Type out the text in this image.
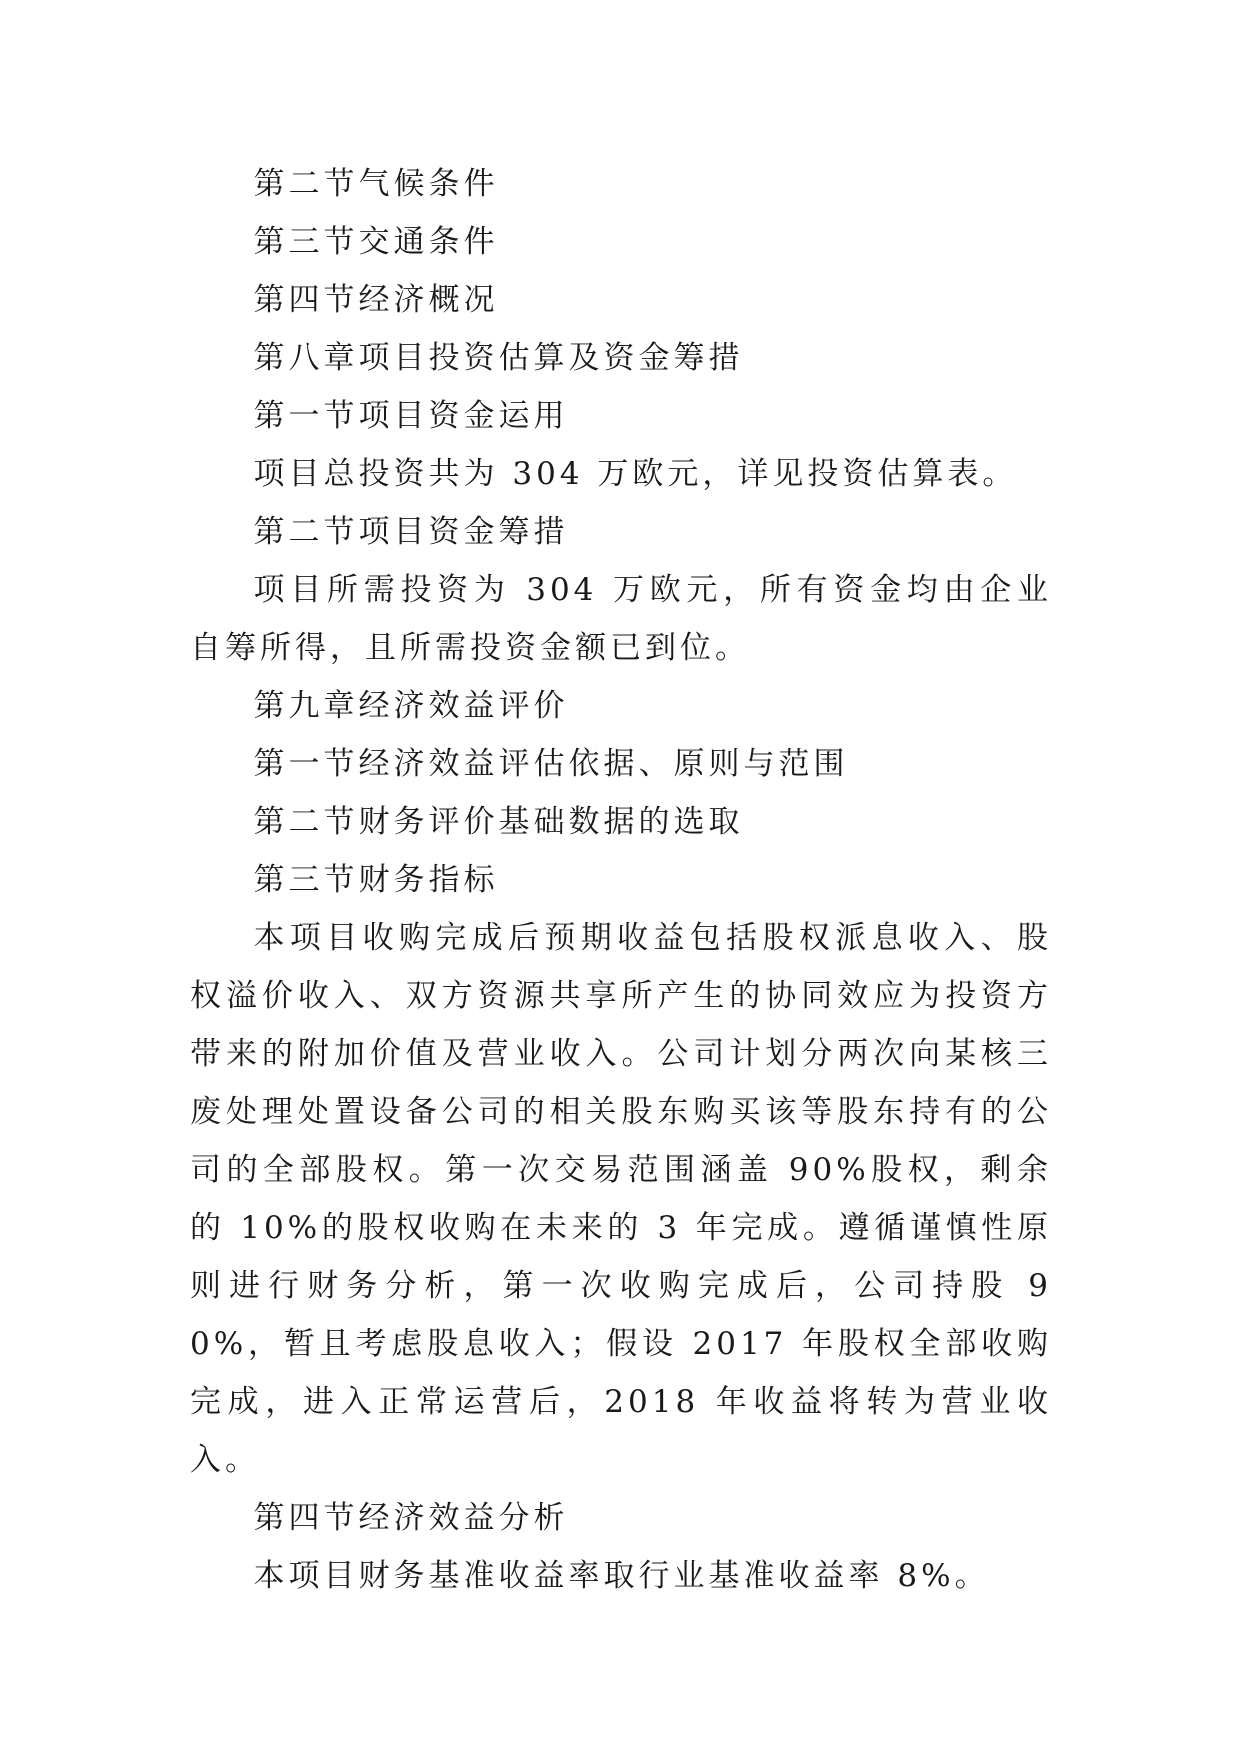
第二节气候条件

第三节交通条件

第四节经济概况

第八章项目投资估算及资金筹措

第一节项目资金运用

项目总投资共为 304 万欧元，详见投资估算表。

第二节项目资金筹措

项目所需投资为 304 万欧元，所有资金均由企业自筹所得，且所需投资金额已到位。

第九章经济效益评价

第一节经济效益评估依据、原则与范围

第二节财务评价基础数据的选取

第三节财务指标

本项目收购完成后预期收益包括股权派息收入、股权溢价收入、双方资源共享所产生的协同效应为投资方带来的附加价值及营业收入。公司计划分两次向某核三废处理处置设备公司的相关股东购买该等股东持有的公司的全部股权。第一次交易范围涵盖 90%股权，剩余的 10%的股权收购在未来的 3 年完成。遵循谨慎性原则进行财务分析，第一次收购完成后，公司持股 90%，暂且考虑股息收入；假设 2017 年股权全部收购完成，进入正常运营后，2018 年收益将转为营业收入。

第四节经济效益分析

本项目财务基准收益率取行业基准收益率 8%。
